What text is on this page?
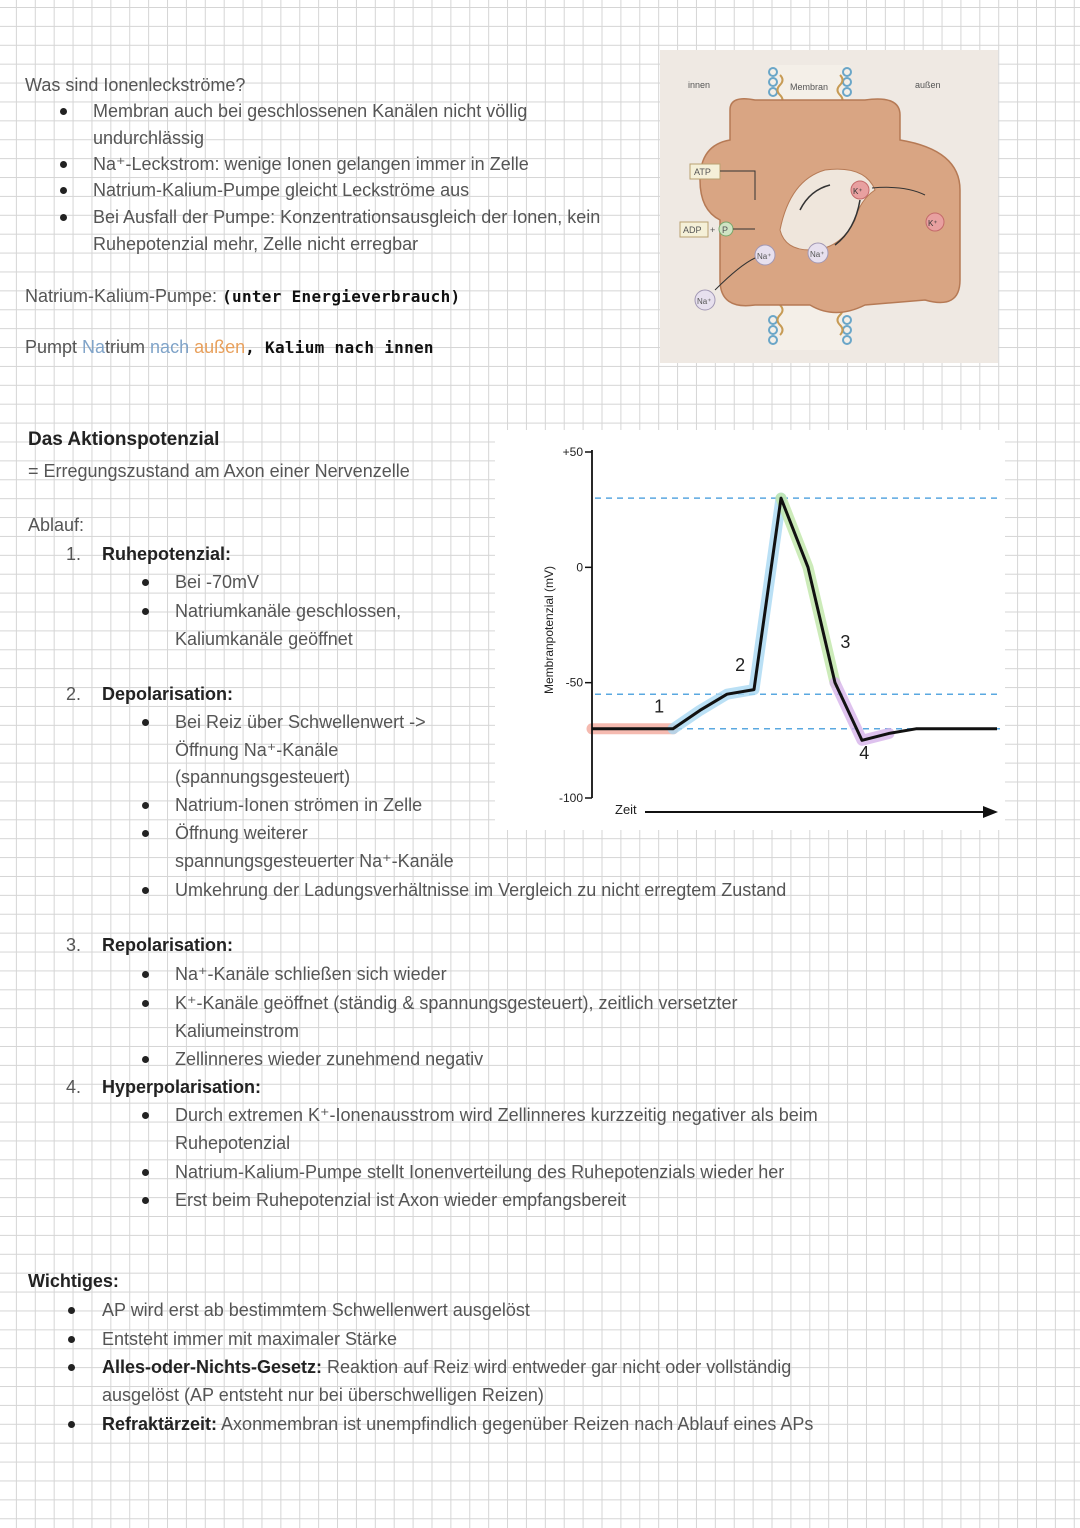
Was sind Ionenleckströme?
Membran auch bei geschlossenen Kanälen nicht völlig
undurchlässig
Na⁺-Leckstrom: wenige Ionen gelangen immer in Zelle
Natrium-Kalium-Pumpe gleicht Leckströme aus
Bei Ausfall der Pumpe: Konzentrationsausgleich der Ionen, kein
Ruhepotenzial mehr, Zelle nicht erregbar
Natrium-Kalium-Pumpe: (unter Energieverbrauch)
Pumpt Natrium nach außen, Kalium nach innen
innen	Membran	außen
ATP
ADP + P
Na⁺
Na⁺	Na⁺
K⁺
K⁺
Das Aktionspotenzial
= Erregungszustand am Axon einer Nervenzelle
Ablauf:
1. Ruhepotenzial:
Bei -70mV
Natriumkanäle geschlossen,
Kaliumkanäle geöffnet
2. Depolarisation:
Bei Reiz über Schwellenwert ->
Öffnung Na⁺-Kanäle
(spannungsgesteuert)
Natrium-Ionen strömen in Zelle
Öffnung weiterer
spannungsgesteuerter Na⁺-Kanäle
Umkehrung der Ladungsverhältnisse im Vergleich zu nicht erregtem Zustand
3. Repolarisation:
Na⁺-Kanäle schließen sich wieder
K⁺-Kanäle geöffnet (ständig & spannungsgesteuert), zeitlich versetzter
Kaliumeinstrom
Zellinneres wieder zunehmend negativ
4. Hyperpolarisation:
Durch extremen K⁺-Ionenausstrom wird Zellinneres kurzzeitig negativer als beim
Ruhepotenzial
Natrium-Kalium-Pumpe stellt Ionenverteilung des Ruhepotenzials wieder her
Erst beim Ruhepotenzial ist Axon wieder empfangsbereit
+50
0
-50
-100
Membranpotenzial (mV)
Zeit
1
2
3
4
Wichtiges:
AP wird erst ab bestimmtem Schwellenwert ausgelöst
Entsteht immer mit maximaler Stärke
Alles-oder-Nichts-Gesetz: Reaktion auf Reiz wird entweder gar nicht oder vollständig
ausgelöst (AP entsteht nur bei überschwelligen Reizen)
Refraktärzeit: Axonmembran ist unempfindlich gegenüber Reizen nach Ablauf eines APs
